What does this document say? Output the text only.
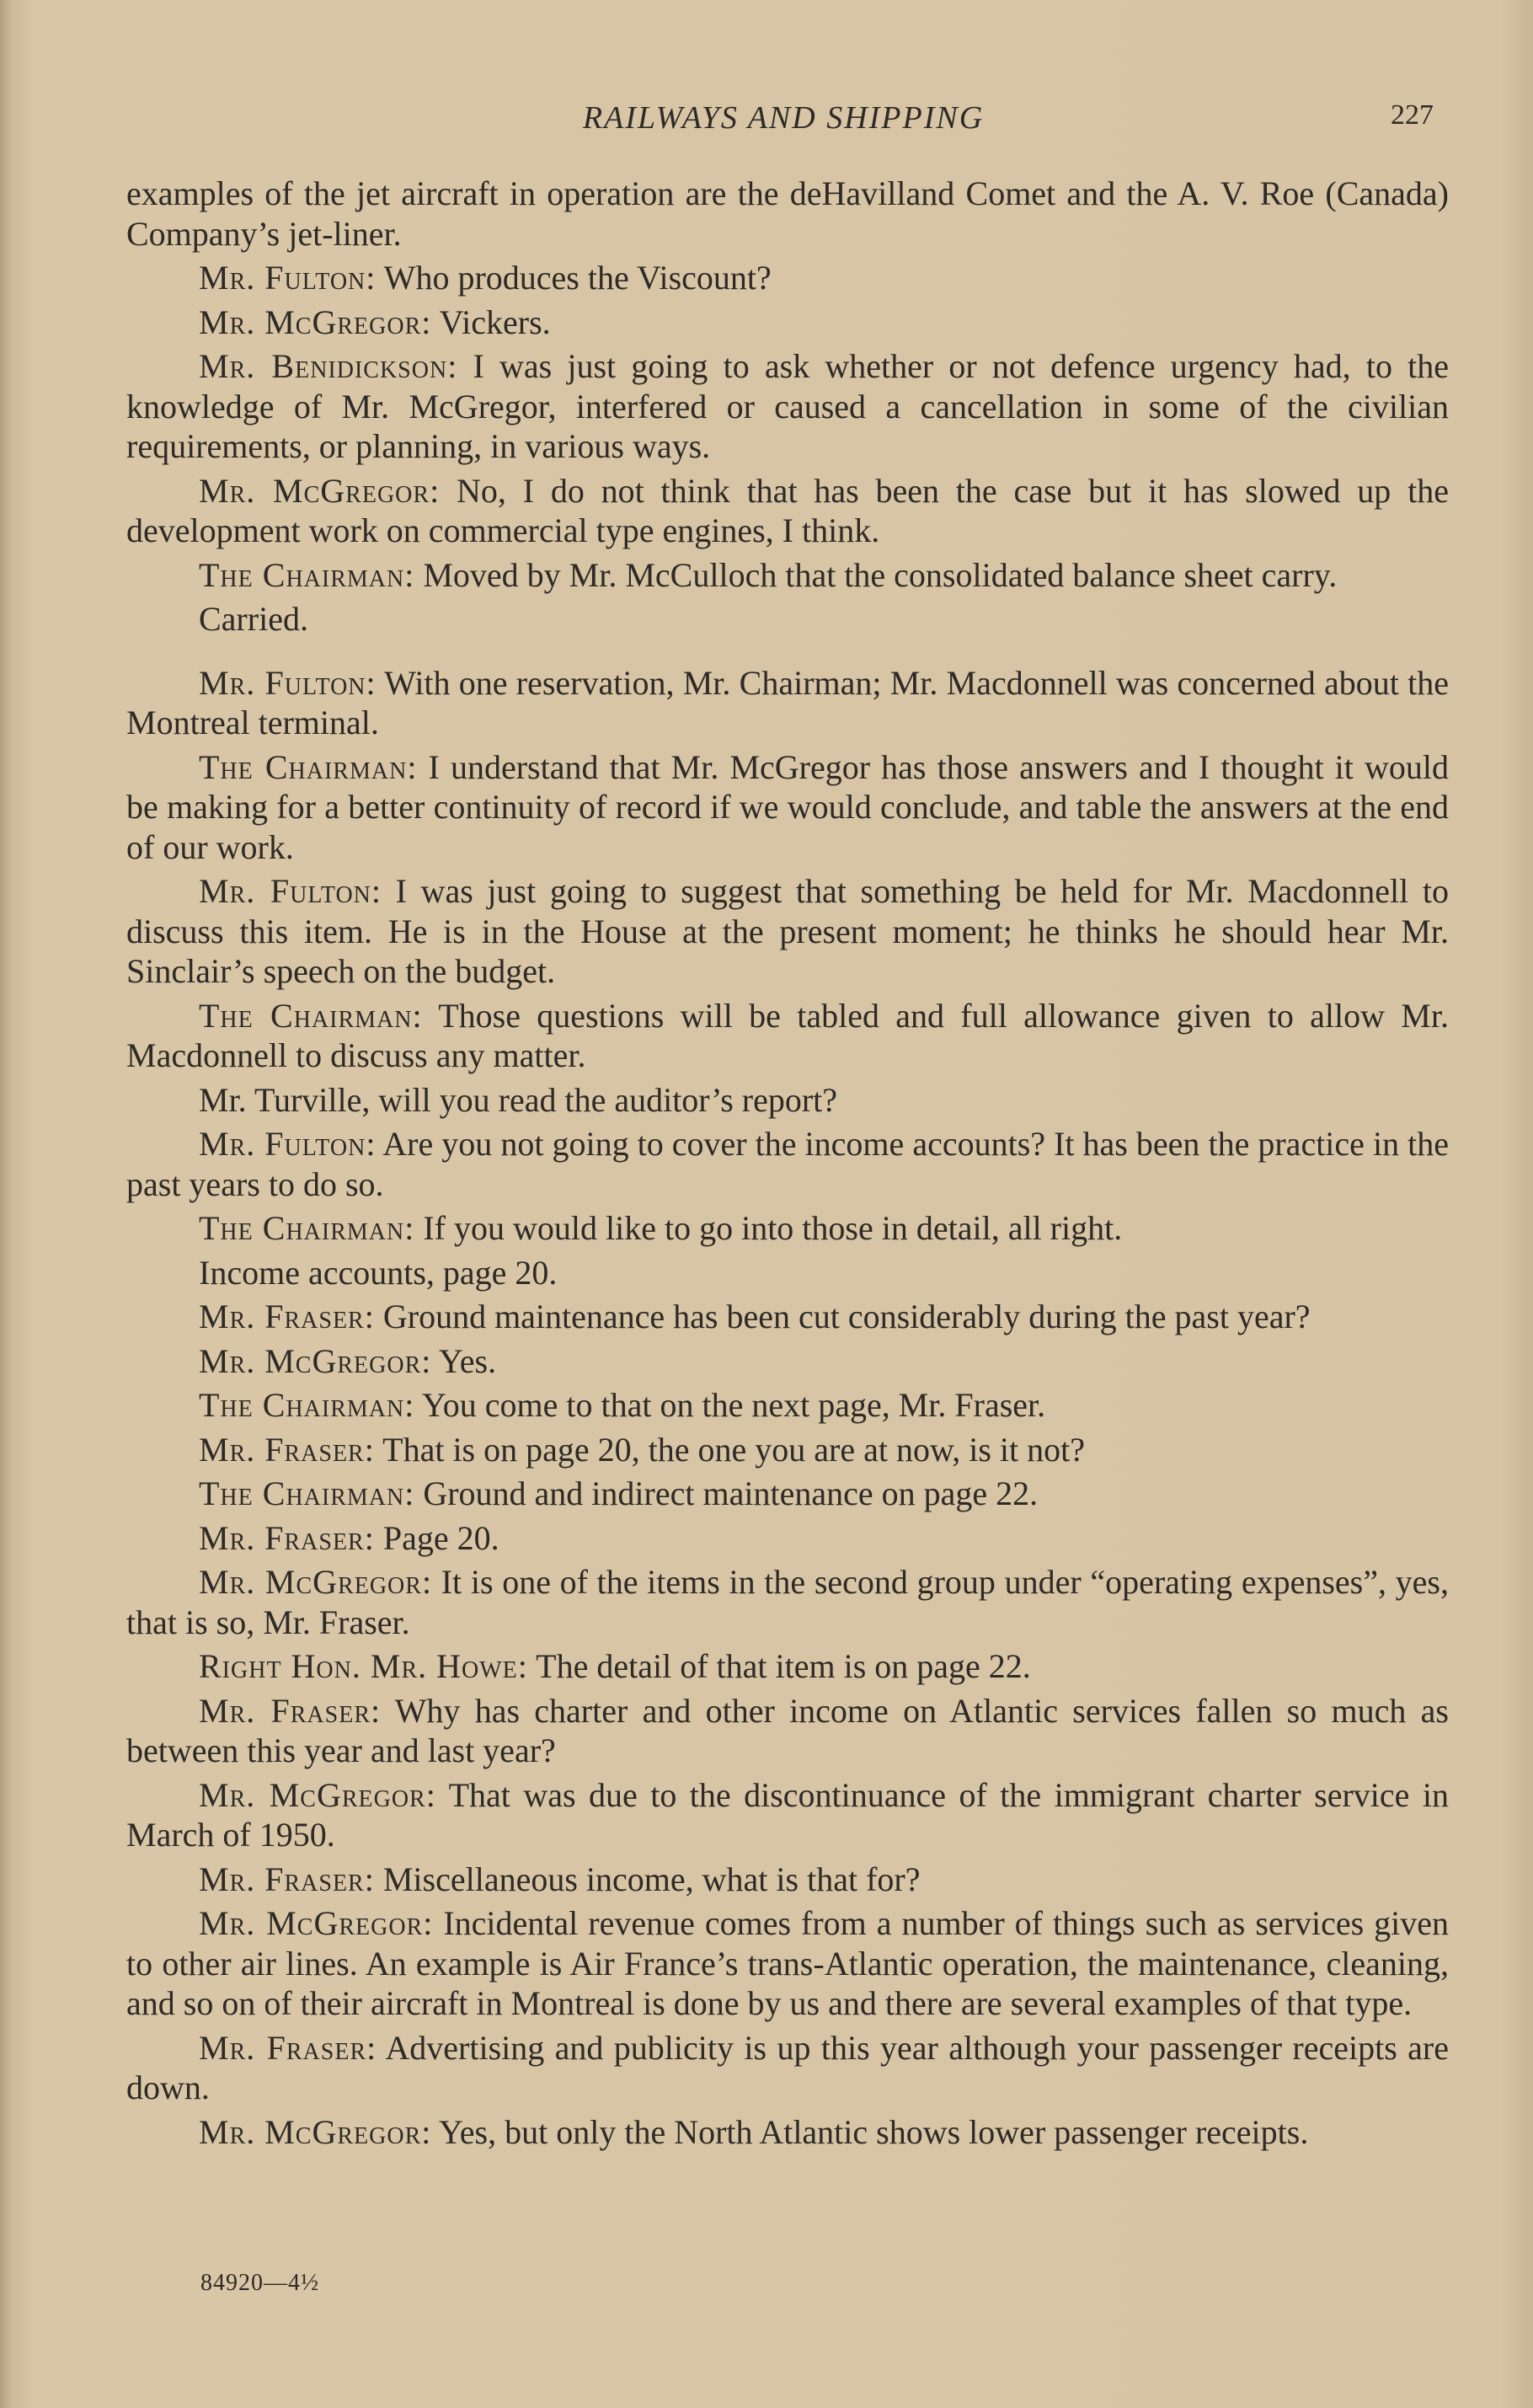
RAILWAYS AND SHIPPING	227

examples of the jet aircraft in operation are the deHavilland Comet and the A. V. Roe (Canada) Company’s jet-liner.

Mr. Fulton: Who produces the Viscount?

Mr. McGregor: Vickers.

Mr. Benidickson: I was just going to ask whether or not defence urgency had, to the knowledge of Mr. McGregor, interfered or caused a cancellation in some of the civilian requirements, or planning, in various ways.

Mr. McGregor: No, I do not think that has been the case but it has slowed up the development work on commercial type engines, I think.

The Chairman: Moved by Mr. McCulloch that the consolidated balance sheet carry.

Carried.

Mr. Fulton: With one reservation, Mr. Chairman; Mr. Macdonnell was concerned about the Montreal terminal.

The Chairman: I understand that Mr. McGregor has those answers and I thought it would be making for a better continuity of record if we would conclude, and table the answers at the end of our work.

Mr. Fulton: I was just going to suggest that something be held for Mr. Macdonnell to discuss this item. He is in the House at the present moment; he thinks he should hear Mr. Sinclair’s speech on the budget.

The Chairman: Those questions will be tabled and full allowance given to allow Mr. Macdonnell to discuss any matter.

Mr. Turville, will you read the auditor’s report?

Mr. Fulton: Are you not going to cover the income accounts? It has been the practice in the past years to do so.

The Chairman: If you would like to go into those in detail, all right.

Income accounts, page 20.

Mr. Fraser: Ground maintenance has been cut considerably during the past year?

Mr. McGregor: Yes.

The Chairman: You come to that on the next page, Mr. Fraser.

Mr. Fraser: That is on page 20, the one you are at now, is it not?

The Chairman: Ground and indirect maintenance on page 22.

Mr. Fraser: Page 20.

Mr. McGregor: It is one of the items in the second group under “operating expenses”, yes, that is so, Mr. Fraser.

Right Hon. Mr. Howe: The detail of that item is on page 22.

Mr. Fraser: Why has charter and other income on Atlantic services fallen so much as between this year and last year?

Mr. McGregor: That was due to the discontinuance of the immigrant charter service in March of 1950.

Mr. Fraser: Miscellaneous income, what is that for?

Mr. McGregor: Incidental revenue comes from a number of things such as services given to other air lines. An example is Air France’s trans-Atlantic operation, the maintenance, cleaning, and so on of their aircraft in Montreal is done by us and there are several examples of that type.

Mr. Fraser: Advertising and publicity is up this year although your passenger receipts are down.

Mr. McGregor: Yes, but only the North Atlantic shows lower passenger receipts.

84920—4½
